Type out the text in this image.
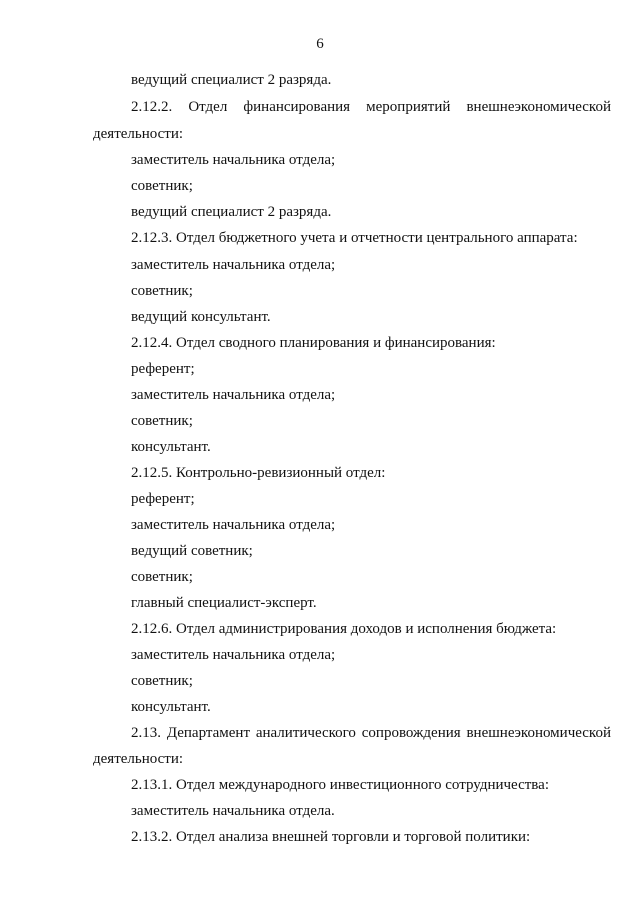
6
ведущий специалист 2 разряда.
2.12.2. Отдел финансирования мероприятий внешнеэкономической
деятельности:
заместитель начальника отдела;
советник;
ведущий специалист 2 разряда.
2.12.3. Отдел бюджетного учета и отчетности центрального аппарата:
заместитель начальника отдела;
советник;
ведущий консультант.
2.12.4. Отдел сводного планирования и финансирования:
референт;
заместитель начальника отдела;
советник;
консультант.
2.12.5. Контрольно-ревизионный отдел:
референт;
заместитель начальника отдела;
ведущий советник;
советник;
главный специалист-эксперт.
2.12.6. Отдел администрирования доходов и исполнения бюджета:
заместитель начальника отдела;
советник;
консультант.
2.13. Департамент аналитического сопровождения внешнеэкономической
деятельности:
2.13.1. Отдел международного инвестиционного сотрудничества:
заместитель начальника отдела.
2.13.2. Отдел анализа внешней торговли и торговой политики:
